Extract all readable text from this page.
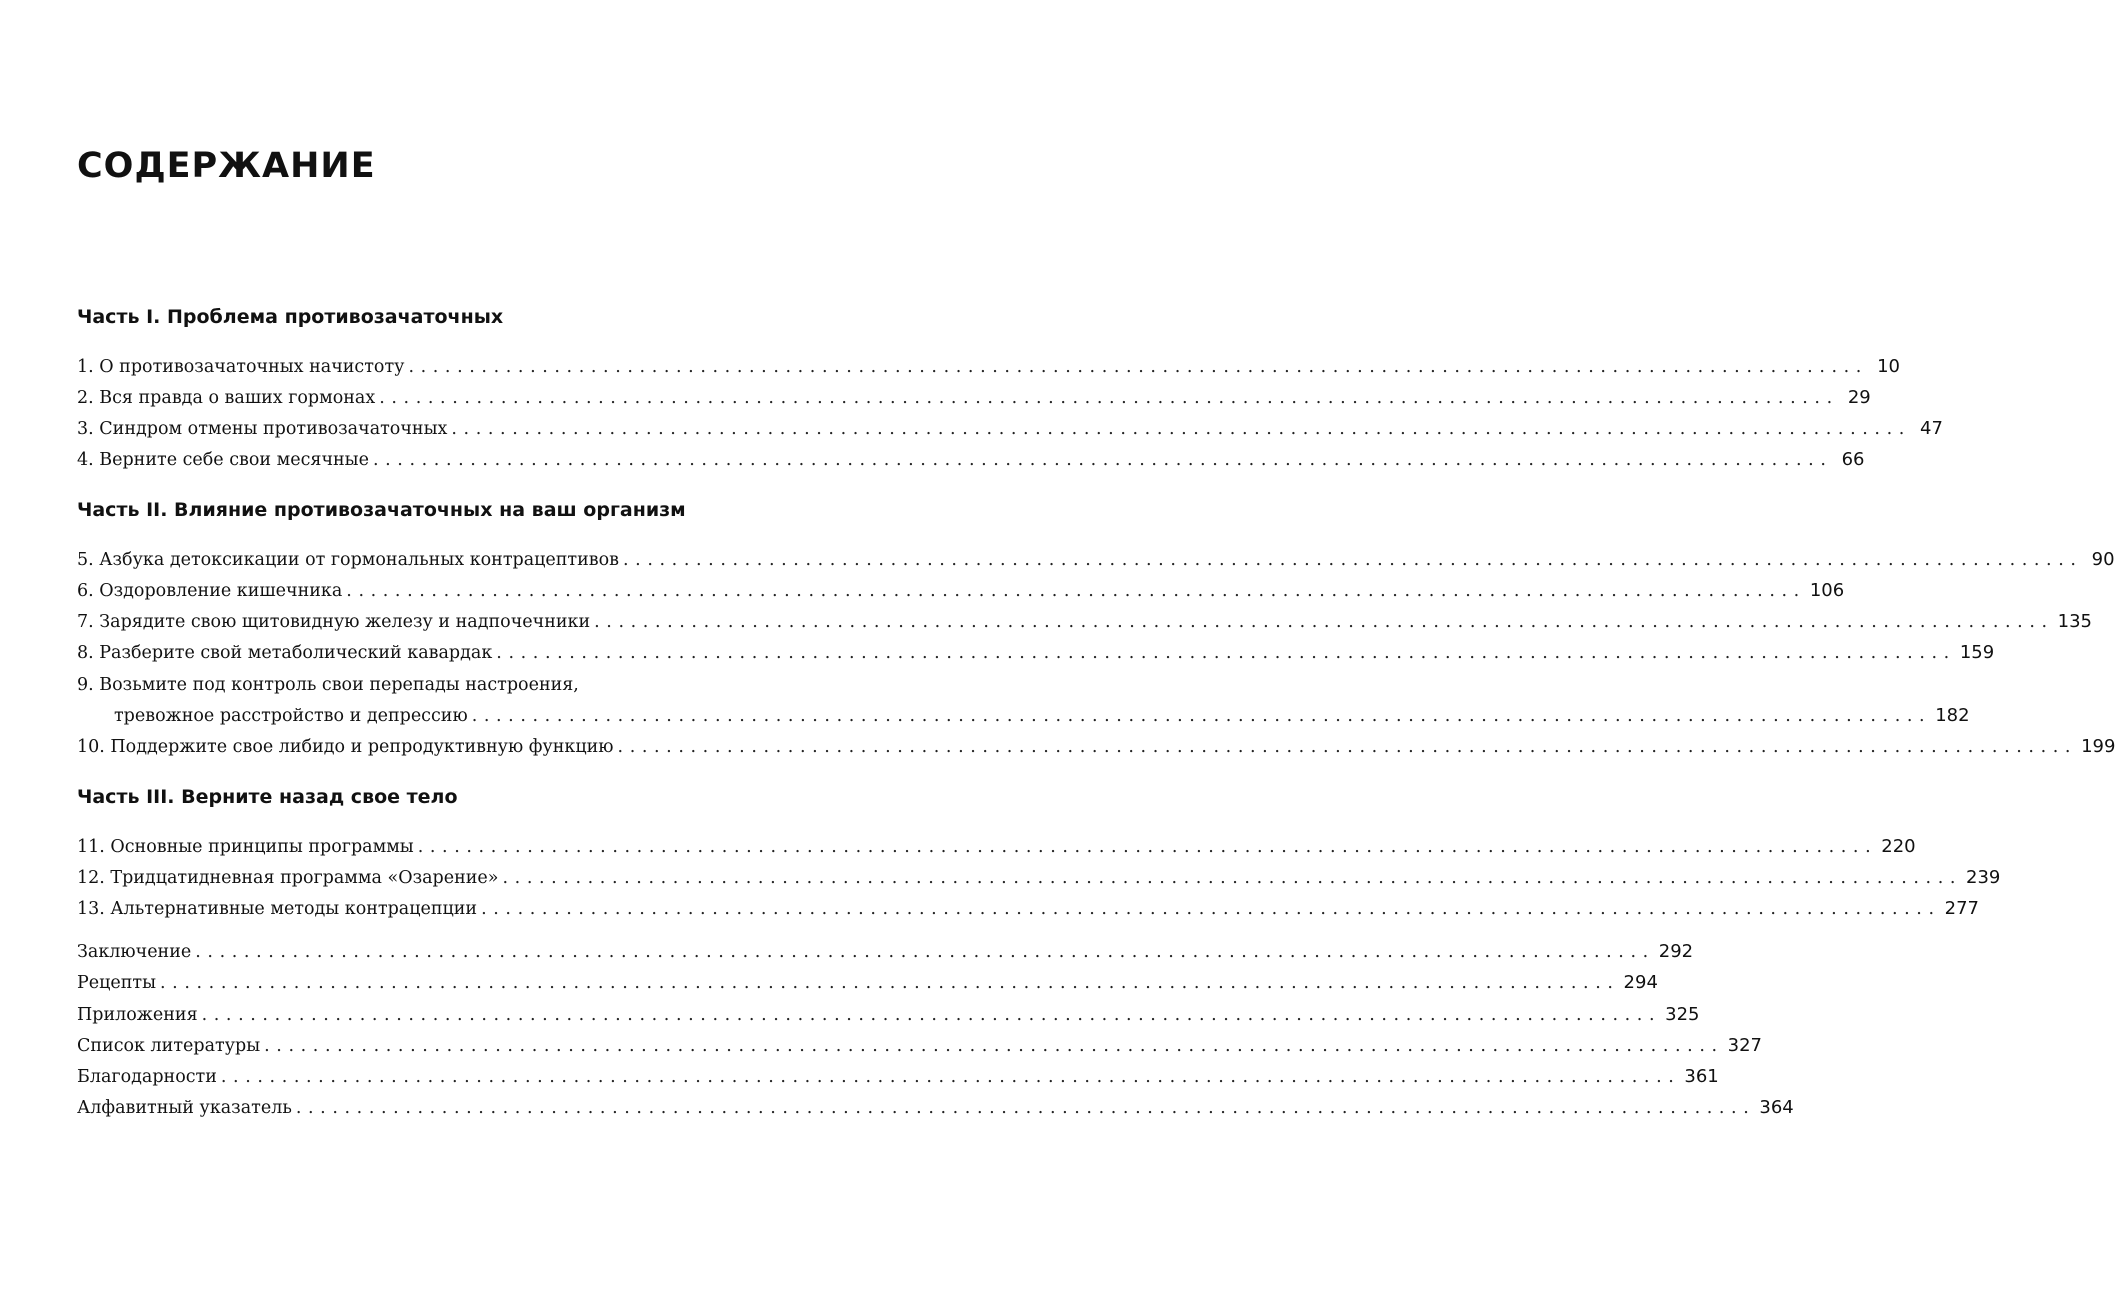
СОДЕРЖАНИЕ
Часть I. Проблема противозачаточных
1. О противозачаточных начистоту ........................................................................................................................ 10
2. Вся правда о ваших гормонах ........................................................................................................................ 29
3. Синдром отмены противозачаточных ........................................................................................................................ 47
4. Верните себе свои месячные ........................................................................................................................ 66
Часть II. Влияние противозачаточных на ваш организм
5. Азбука детоксикации от гормональных контрацептивов ........................................................................................................................ 90
6. Оздоровление кишечника ........................................................................................................................ 106
7. Зарядите свою щитовидную железу и надпочечники ........................................................................................................................ 135
8. Разберите свой метаболический кавардак ........................................................................................................................ 159
9. Возьмите под контроль свои перепады настроения,
тревожное расстройство и депрессию ........................................................................................................................ 182
10. Поддержите свое либидо и репродуктивную функцию ........................................................................................................................ 199
Часть III. Верните назад свое тело
11. Основные принципы программы ........................................................................................................................ 220
12. Тридцатидневная программа «Озарение» ........................................................................................................................ 239
13. Альтернативные методы контрацепции ........................................................................................................................ 277
Заключение ........................................................................................................................ 292
Рецепты ........................................................................................................................ 294
Приложения ........................................................................................................................ 325
Список литературы ........................................................................................................................ 327
Благодарности ........................................................................................................................ 361
Алфавитный указатель ........................................................................................................................ 364
